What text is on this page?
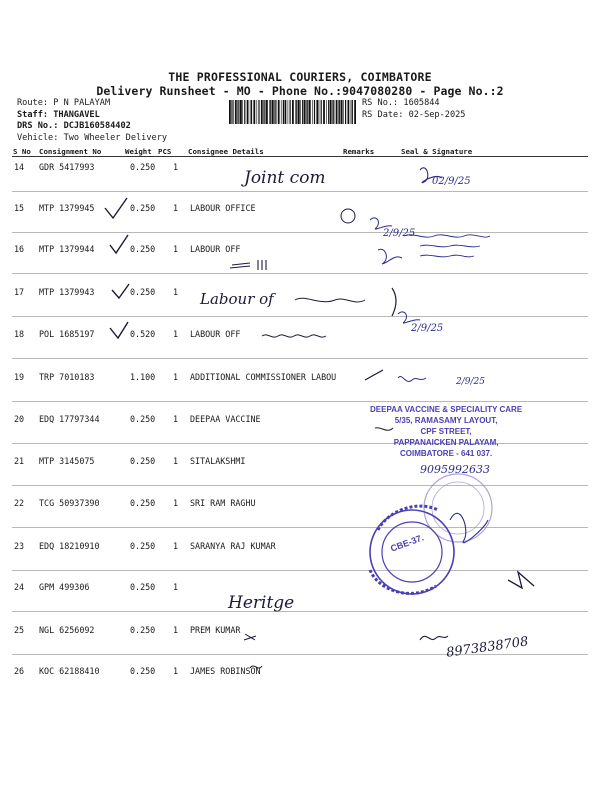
THE PROFESSIONAL COURIERS, COIMBATORE
Delivery Runsheet - MO - Phone No.:9047080280 - Page No.:2
Route: P N PALAYAM
Staff: THANGAVEL
DRS No.: DCJB160584402
Vehicle: Two Wheeler Delivery
RS No.: 1605844
RS Date: 02-Sep-2025
S No Consignment No	Weight PCS Consignee Details	Remarks	Seal & Signature
14 GDR 5417993	0.250 1
15 MTP 1379945	0.250 1 LABOUR OFFICE
16 MTP 1379944	0.250 1 LABOUR OFF
17 MTP 1379943	0.250 1
18 POL 1685197	0.520 1 LABOUR OFF
19 TRP 7010183	1.100 1 ADDITIONAL COMMISSIONER LABOU
20 EDQ 17797344	0.250 1 DEEPAA VACCINE
21 MTP 3145075	0.250 1 SITALAKSHMI
22 TCG 50937390	0.250 1 SRI RAM RAGHU
23 EDQ 18210910	0.250 1 SARANYA RAJ KUMAR
24 GPM 499306	0.250 1
25 NGL 6256092	0.250 1 PREM KUMAR
26 KOC 62188410	0.250 1 JAMES ROBINSON
Joint com	02/9/25
2/9/25
Labour of
2/9/25
2/9/25
Heritge
8973838708
9095992633
DEEPAA VACCINE & SPECIALITY CARE
5/35, RAMASAMY LAYOUT,
CPF STREET,
PAPPANAICKEN PALAYAM,
COIMBATORE - 641 037.
CBE-37.
